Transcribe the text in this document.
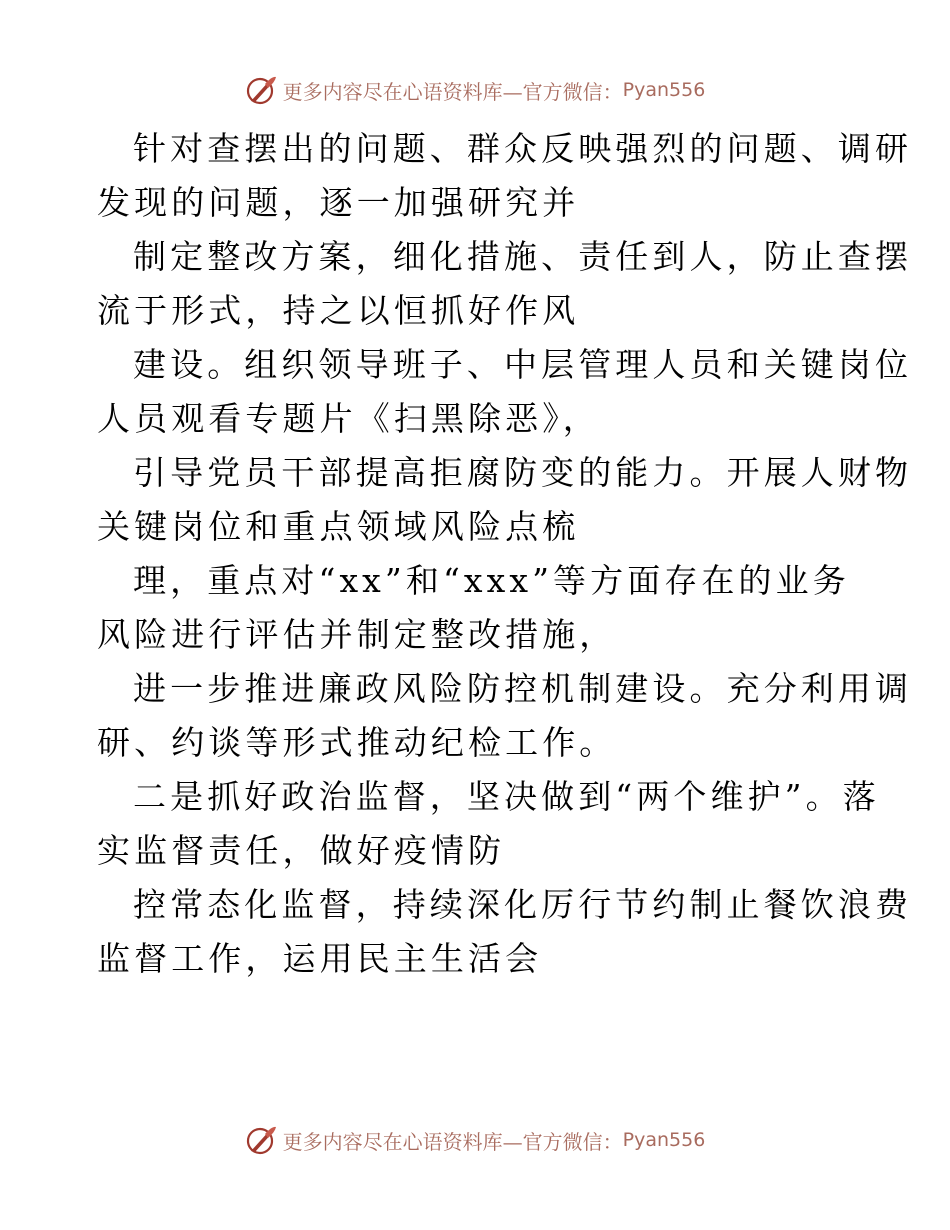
更多内容尽在心语资料库—官方微信： Pyan556
针对查摆出的问题、群众反映强烈的问题、调研
发现的问题，逐一加强研究并
制定整改方案，细化措施、责任到人，防止查摆
流于形式，持之以恒抓好作风
建设。组织领导班子、中层管理人员和关键岗位
人员观看专题片《扫黑除恶》，
引导党员干部提高拒腐防变的能力。开展人财物
关键岗位和重点领域风险点梳
理，重点对“xx”和“xxx”等方面存在的业务
风险进行评估并制定整改措施，
进一步推进廉政风险防控机制建设。充分利用调
研、约谈等形式推动纪检工作。
二是抓好政治监督，坚决做到“两个维护”。落
实监督责任，做好疫情防
控常态化监督，持续深化厉行节约制止餐饮浪费
监督工作，运用民主生活会
更多内容尽在心语资料库—官方微信： Pyan556
